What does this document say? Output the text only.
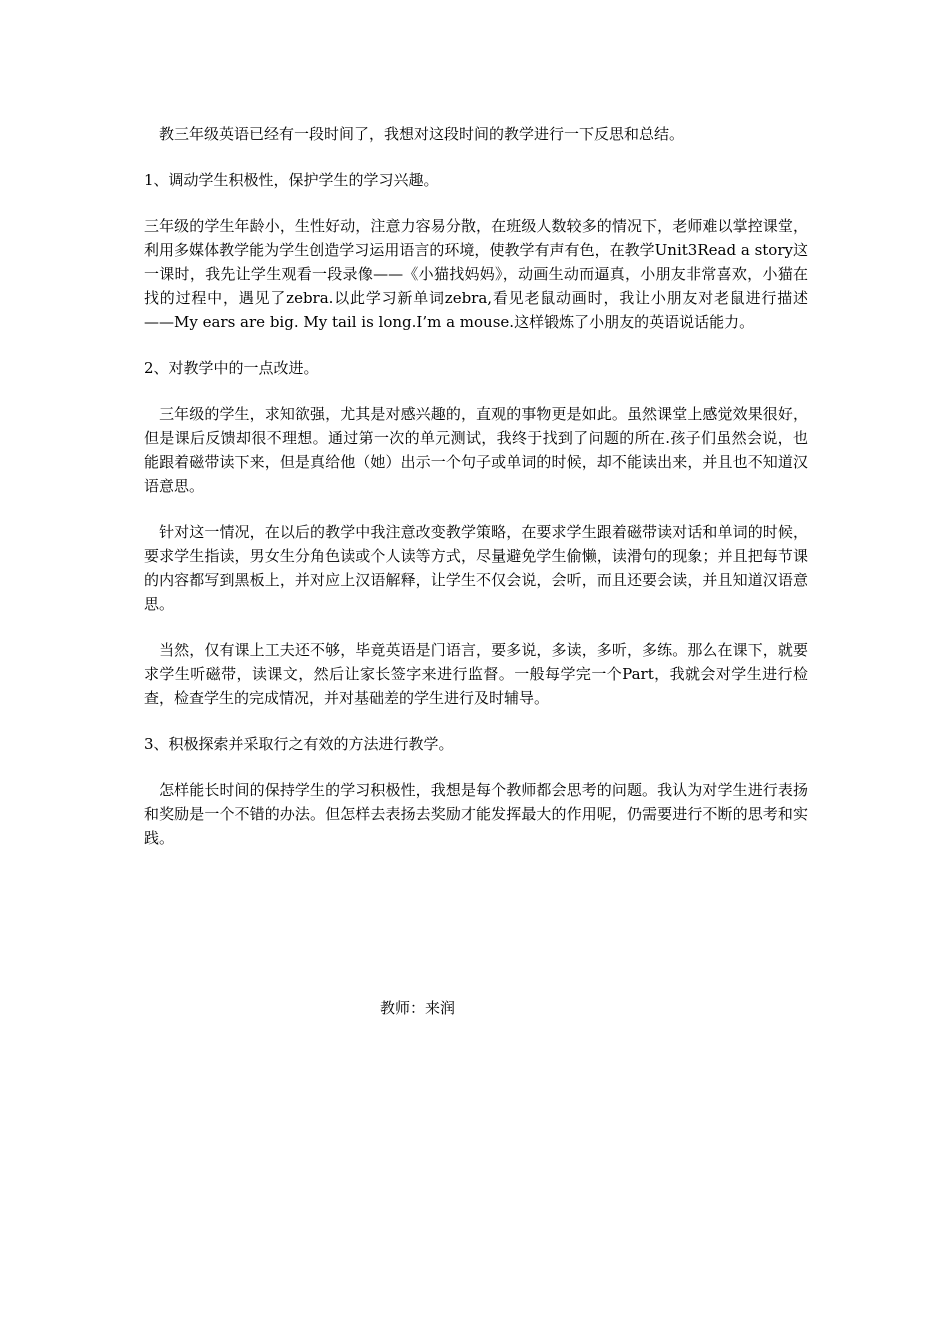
　教三年级英语已经有一段时间了，我想对这段时间的教学进行一下反思和总结。

1、调动学生积极性，保护学生的学习兴趣。

三年级的学生年龄小，生性好动，注意力容易分散，在班级人数较多的情况下，老师难以掌控课堂，利用多媒体教学能为学生创造学习运用语言的环境，使教学有声有色，在教学Unit3Read a story这一课时，我先让学生观看一段录像——《小猫找妈妈》，动画生动而逼真，小朋友非常喜欢，小猫在找的过程中，遇见了zebra.以此学习新单词zebra,看见老鼠动画时，我让小朋友对老鼠进行描述——My ears are big. My tail is long.I’m a mouse.这样锻炼了小朋友的英语说话能力。

2、对教学中的一点改进。

　三年级的学生，求知欲强，尤其是对感兴趣的，直观的事物更是如此。虽然课堂上感觉效果很好，但是课后反馈却很不理想。通过第一次的单元测试，我终于找到了问题的所在.孩子们虽然会说，也能跟着磁带读下来，但是真给他（她）出示一个句子或单词的时候，却不能读出来，并且也不知道汉语意思。

　针对这一情况，在以后的教学中我注意改变教学策略，在要求学生跟着磁带读对话和单词的时候，要求学生指读，男女生分角色读或个人读等方式，尽量避免学生偷懒，读滑句的现象；并且把每节课的内容都写到黑板上，并对应上汉语解释，让学生不仅会说，会听，而且还要会读，并且知道汉语意思。

　当然，仅有课上工夫还不够，毕竟英语是门语言，要多说，多读，多听，多练。那么在课下，就要求学生听磁带，读课文，然后让家长签字来进行监督。一般每学完一个Part，我就会对学生进行检查，检查学生的完成情况，并对基础差的学生进行及时辅导。

3、积极探索并采取行之有效的方法进行教学。

　怎样能长时间的保持学生的学习积极性，我想是每个教师都会思考的问题。我认为对学生进行表扬和奖励是一个不错的办法。但怎样去表扬去奖励才能发挥最大的作用呢，仍需要进行不断的思考和实践。

教师：来润
